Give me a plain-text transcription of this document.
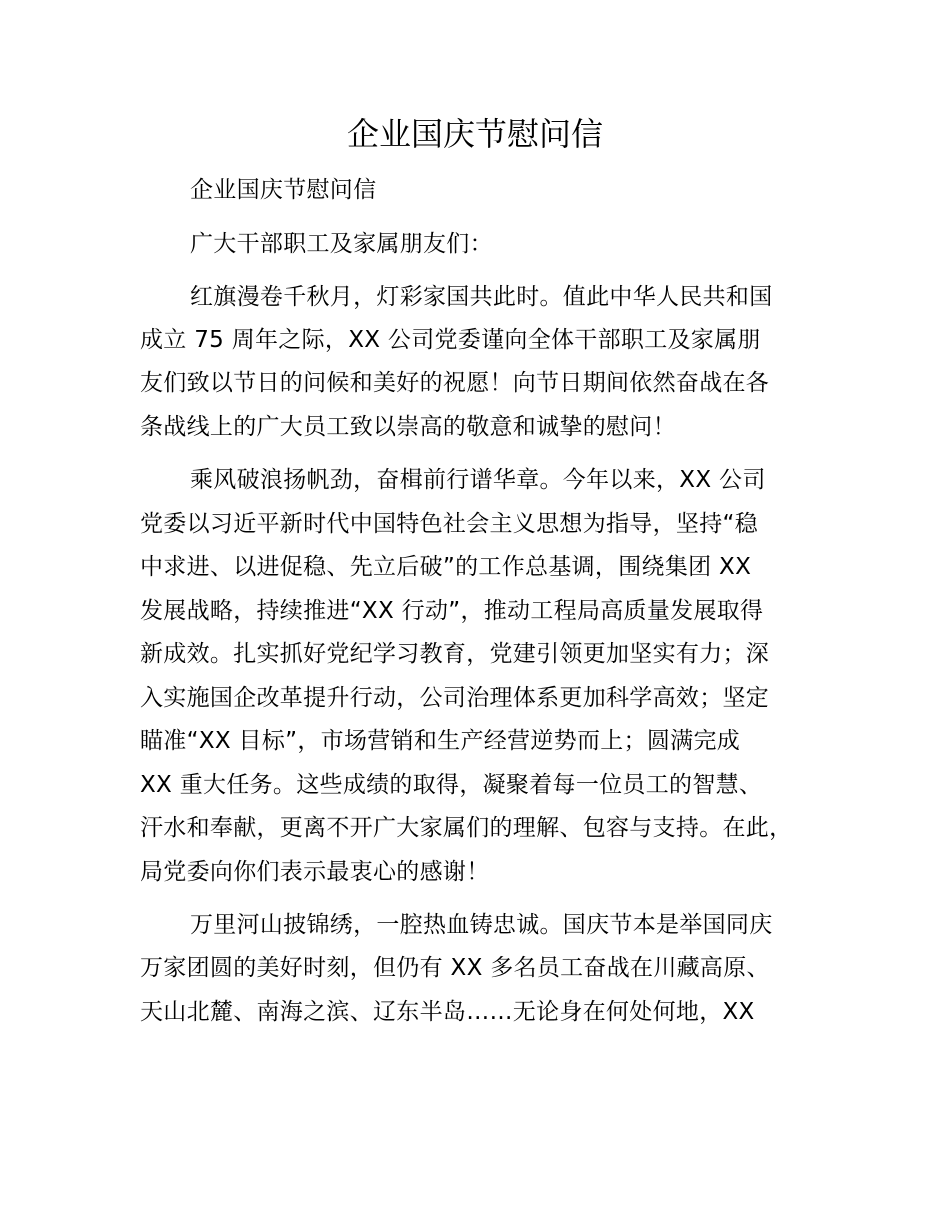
企业国庆节慰问信
企业国庆节慰问信
广大干部职工及家属朋友们：
红旗漫卷千秋月，灯彩家国共此时。值此中华人民共和国
成立 75 周年之际，XX 公司党委谨向全体干部职工及家属朋
友们致以节日的问候和美好的祝愿！向节日期间依然奋战在各
条战线上的广大员工致以崇高的敬意和诚挚的慰问！
乘风破浪扬帆劲，奋楫前行谱华章。今年以来，XX 公司
党委以习近平新时代中国特色社会主义思想为指导，坚持“稳
中求进、以进促稳、先立后破”的工作总基调，围绕集团 XX
发展战略，持续推进“XX 行动”，推动工程局高质量发展取得
新成效。扎实抓好党纪学习教育，党建引领更加坚实有力；深
入实施国企改革提升行动，公司治理体系更加科学高效；坚定
瞄准“XX 目标”，市场营销和生产经营逆势而上；圆满完成
XX 重大任务。这些成绩的取得，凝聚着每一位员工的智慧、
汗水和奉献，更离不开广大家属们的理解、包容与支持。在此，
局党委向你们表示最衷心的感谢！
万里河山披锦绣，一腔热血铸忠诚。国庆节本是举国同庆
万家团圆的美好时刻，但仍有 XX 多名员工奋战在川藏高原、
天山北麓、南海之滨、辽东半岛……无论身在何处何地，XX
